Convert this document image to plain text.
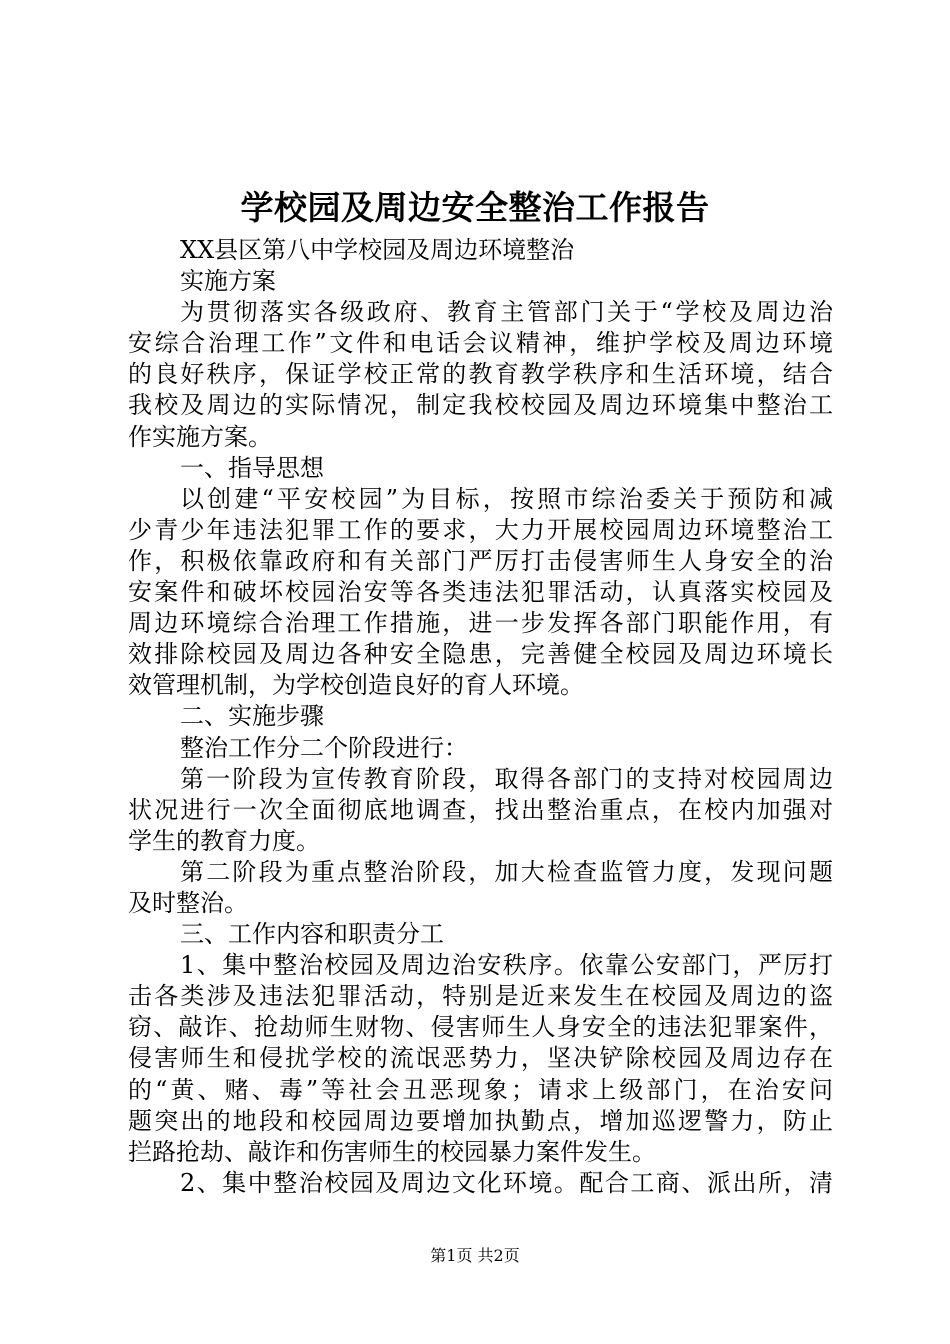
学校园及周边安全整治工作报告
XX县区第八中学校园及周边环境整治
实施方案
为贯彻落实各级政府、教育主管部门关于“学校及周边治
安综合治理工作”文件和电话会议精神，维护学校及周边环境
的良好秩序，保证学校正常的教育教学秩序和生活环境，结合
我校及周边的实际情况，制定我校校园及周边环境集中整治工
作实施方案。
一、指导思想
以创建“平安校园”为目标，按照市综治委关于预防和减
少青少年违法犯罪工作的要求，大力开展校园周边环境整治工
作，积极依靠政府和有关部门严厉打击侵害师生人身安全的治
安案件和破坏校园治安等各类违法犯罪活动，认真落实校园及
周边环境综合治理工作措施，进一步发挥各部门职能作用，有
效排除校园及周边各种安全隐患，完善健全校园及周边环境长
效管理机制，为学校创造良好的育人环境。
二、实施步骤
整治工作分二个阶段进行：
第一阶段为宣传教育阶段，取得各部门的支持对校园周边
状况进行一次全面彻底地调查，找出整治重点，在校内加强对
学生的教育力度。
第二阶段为重点整治阶段，加大检查监管力度，发现问题
及时整治。
三、工作内容和职责分工
1、集中整治校园及周边治安秩序。依靠公安部门，严厉打
击各类涉及违法犯罪活动，特别是近来发生在校园及周边的盗
窃、敲诈、抢劫师生财物、侵害师生人身安全的违法犯罪案件，
侵害师生和侵扰学校的流氓恶势力，坚决铲除校园及周边存在
的“黄、赌、毒”等社会丑恶现象；请求上级部门，在治安问
题突出的地段和校园周边要增加执勤点，增加巡逻警力，防止
拦路抢劫、敲诈和伤害师生的校园暴力案件发生。
2、集中整治校园及周边文化环境。配合工商、派出所，清
第1页 共2页
